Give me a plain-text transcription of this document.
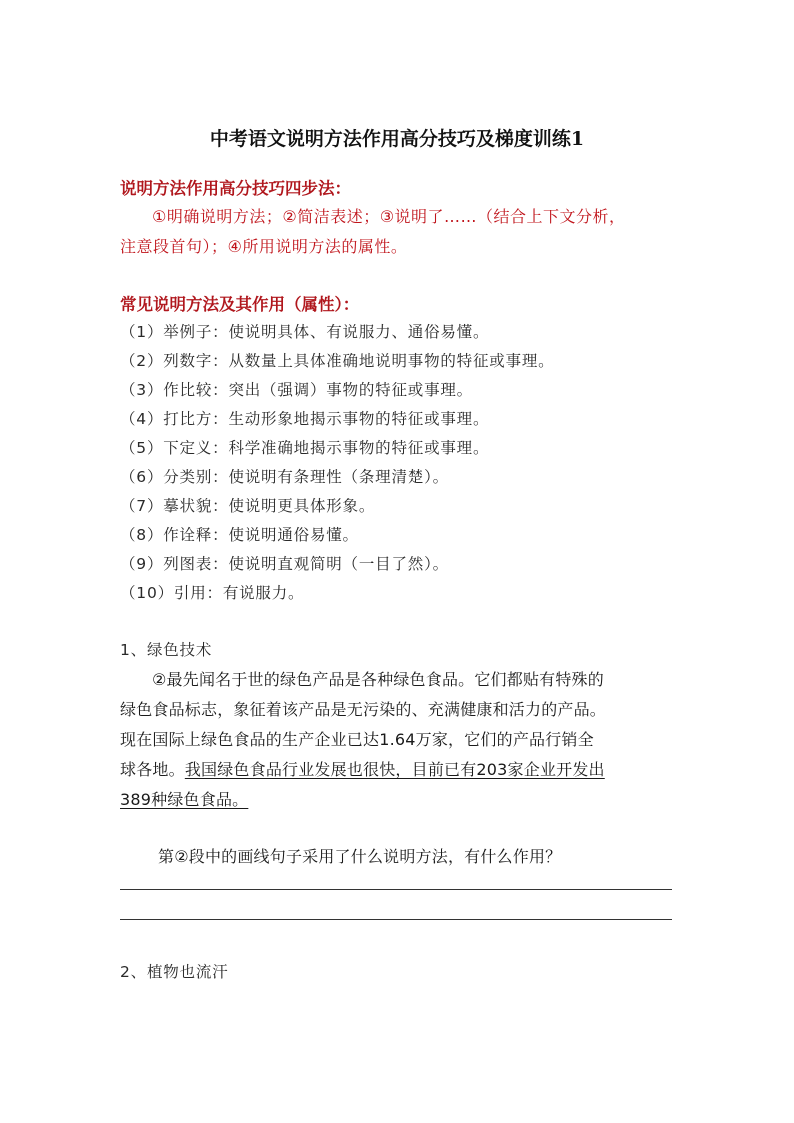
中考语文说明方法作用高分技巧及梯度训练1
说明方法作用高分技巧四步法：
①明确说明方法；②简洁表述；③说明了……（结合上下文分析，
注意段首句）；④所用说明方法的属性。
常见说明方法及其作用（属性）：
（1）举例子：使说明具体、有说服力、通俗易懂。
（2）列数字：从数量上具体准确地说明事物的特征或事理。
（3）作比较：突出（强调）事物的特征或事理。
（4）打比方：生动形象地揭示事物的特征或事理。
（5）下定义：科学准确地揭示事物的特征或事理。
（6）分类别：使说明有条理性（条理清楚）。
（7）摹状貌：使说明更具体形象。
（8）作诠释：使说明通俗易懂。
（9）列图表：使说明直观简明（一目了然）。
（10）引用：有说服力。
1、绿色技术
②最先闻名于世的绿色产品是各种绿色食品。它们都贴有特殊的
绿色食品标志，象征着该产品是无污染的、充满健康和活力的产品。
现在国际上绿色食品的生产企业已达1.64万家，它们的产品行销全
球各地。我国绿色食品行业发展也很快，目前已有203家企业开发出
389种绿色食品。
第②段中的画线句子采用了什么说明方法，有什么作用？
2、植物也流汗
